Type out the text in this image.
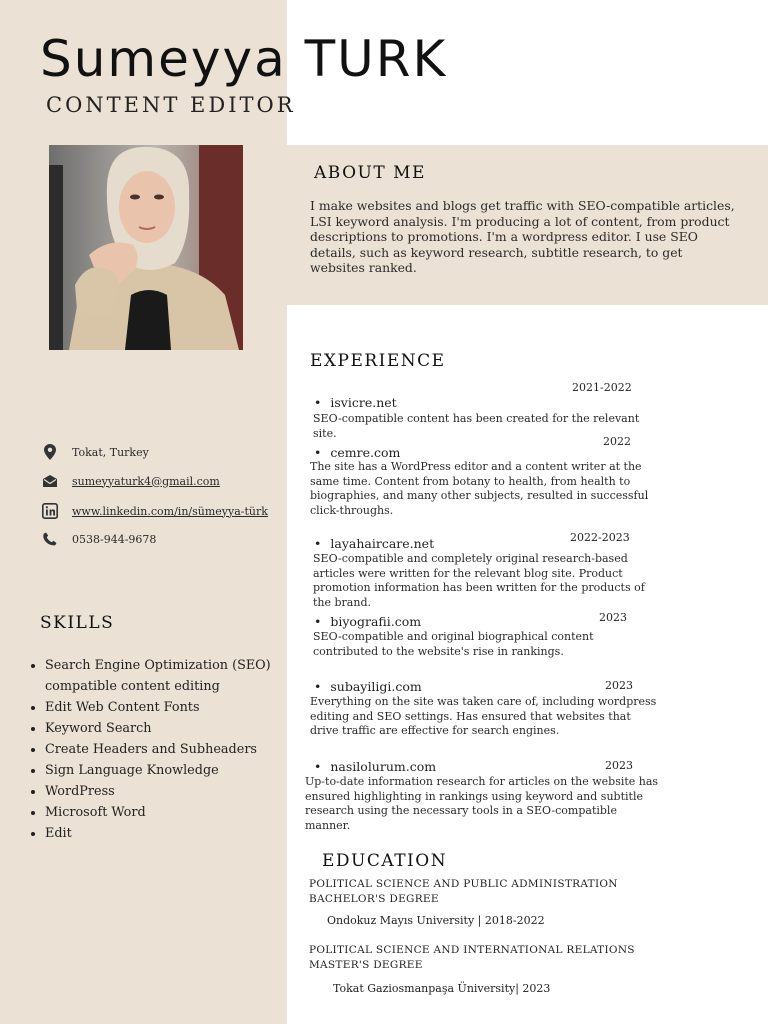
Sumeyya TURK
CONTENT EDITOR
ABOUT ME

I make websites and blogs get traffic with SEO-compatible articles, LSI keyword analysis. I'm producing a lot of content, from product descriptions to promotions. I'm a wordpress editor. I use SEO details, such as keyword research, subtitle research, to get websites ranked.

Tokat, Turkey
sumeyyaturk4@gmail.com
www.linkedin.com/in/sümeyya-türk
0538-944-9678
SKILLS
• Search Engine Optimization (SEO) compatible content editing
• Edit Web Content Fonts
• Keyword Search
• Create Headers and Subheaders
• Sign Language Knowledge
• WordPress
• Microsoft Word
• Edit
EXPERIENCE
• isvicre.net
2021-2022

SEO-compatible content has been created for the relevant site.

• cemre.com
2022

The site has a WordPress editor and a content writer at the same time. Content from botany to health, from health to biographies, and many other subjects, resulted in successful click-throughs.

• layahaircare.net	2022-2023

SEO-compatible and completely original research-based articles were written for the relevant blog site. Product promotion information has been written for the products of the brand.

• biyografii.com	2023

SEO-compatible and original biographical content contributed to the website's rise in rankings.

• subayiligi.com	2023

Everything on the site was taken care of, including wordpress editing and SEO settings. Has ensured that websites that drive traffic are effective for search engines.

• nasilolurum.com	2023

Up-to-date information research for articles on the website has ensured highlighting in rankings using keyword and subtitle research using the necessary tools in a SEO-compatible manner.

EDUCATION

POLITICAL SCIENCE AND PUBLIC ADMINISTRATION BACHELOR'S DEGREE

Ondokuz Mayıs University | 2018-2022

POLITICAL SCIENCE AND INTERNATIONAL RELATIONS MASTER'S DEGREE

Tokat Gaziosmanpaşa Üniversity| 2023
